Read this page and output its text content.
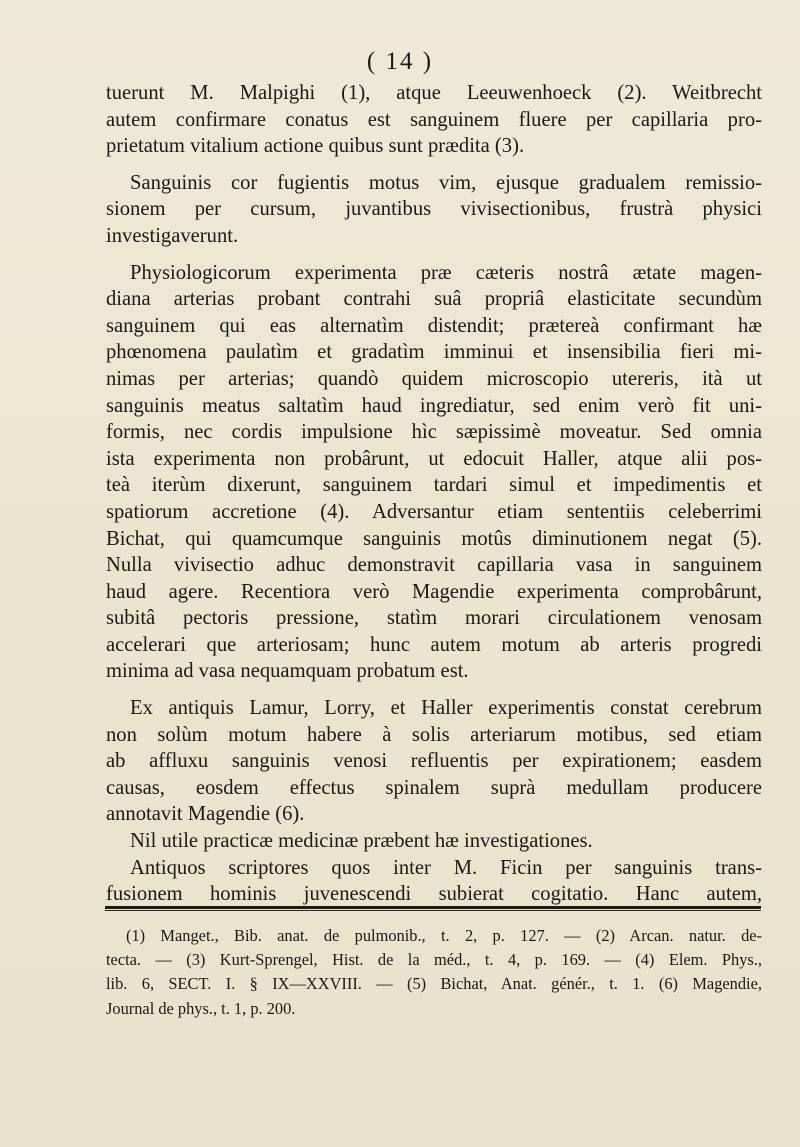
( 14 )
tuerunt M. Malpighi (1), atque Leeuwenhoeck (2). Weitbrecht
autem confirmare conatus est sanguinem fluere per capillaria pro-
prietatum vitalium actione quibus sunt prædita (3).
Sanguinis cor fugientis motus vim, ejusque gradualem remissio-
sionem per cursum, juvantibus vivisectionibus, frustrà physici
investigaverunt.
Physiologicorum experimenta præ cæteris nostrâ ætate magen-
diana arterias probant contrahi suâ propriâ elasticitate secundùm
sanguinem qui eas alternatìm distendit; prætereà confirmant hæ
phœnomena paulatìm et gradatìm imminui et insensibilia fieri mi-
nimas per arterias; quandò quidem microscopio utereris, ità ut
sanguinis meatus saltatìm haud ingrediatur, sed enim verò fit uni-
formis, nec cordis impulsione hìc sæpissimè moveatur. Sed omnia
ista experimenta non probârunt, ut edocuit Haller, atque alii pos-
teà iterùm dixerunt, sanguinem tardari simul et impedimentis et
spatiorum accretione (4). Adversantur etiam sententiis celeberrimi
Bichat, qui quamcumque sanguinis motûs diminutionem negat (5).
Nulla vivisectio adhuc demonstravit capillaria vasa in sanguinem
haud agere. Recentiora verò Magendie experimenta comprobârunt,
subitâ pectoris pressione, statìm morari circulationem venosam
accelerari que arteriosam; hunc autem motum ab arteris progredi
minima ad vasa nequamquam probatum est.
Ex antiquis Lamur, Lorry, et Haller experimentis constat cerebrum
non solùm motum habere à solis arteriarum motibus, sed etiam
ab affluxu sanguinis venosi refluentis per expirationem; easdem
causas, eosdem effectus spinalem suprà medullam producere
annotavit Magendie (6).
Nil utile practicæ medicinæ præbent hæ investigationes.
Antiquos scriptores quos inter M. Ficin per sanguinis trans-
fusionem hominis juvenescendi subierat cogitatio. Hanc autem,
(1) Manget., Bib. anat. de pulmonib., t. 2, p. 127. — (2) Arcan. natur. de-
tecta. — (3) Kurt-Sprengel, Hist. de la méd., t. 4, p. 169. — (4) Elem. Phys.,
lib. 6, SECT. I. § IX—XXVIII. — (5) Bichat, Anat. génér., t. 1. (6) Magendie,
Journal de phys., t. 1, p. 200.
